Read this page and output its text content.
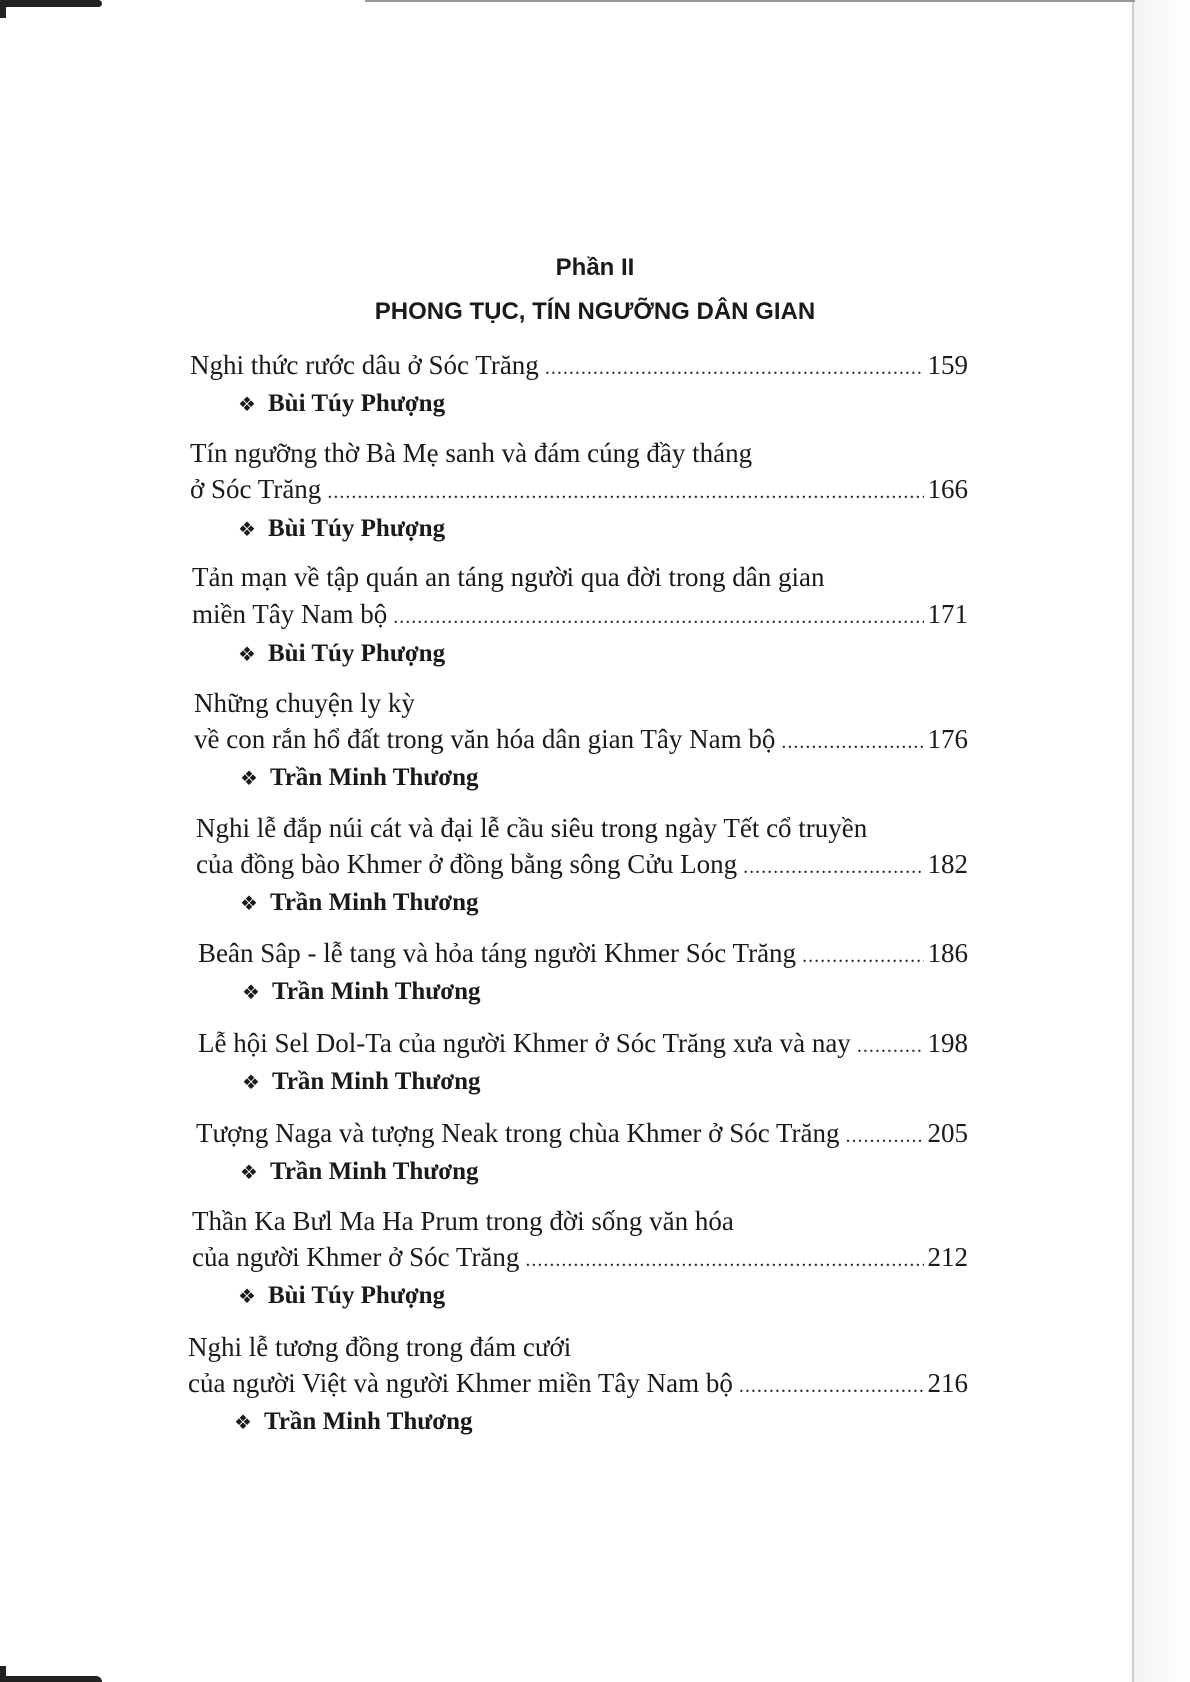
Phần II
PHONG TỤC, TÍN NGƯỠNG DÂN GIAN
Nghi thức rước dâu ở Sóc Trăng .....	159
❖ Bùi Túy Phượng
Tín ngưỡng thờ Bà Mẹ sanh và đám cúng đầy tháng
ở Sóc Trăng .....	166
❖ Bùi Túy Phượng
Tản mạn về tập quán an táng người qua đời trong dân gian
miền Tây Nam bộ .....	171
❖ Bùi Túy Phượng
Những chuyện ly kỳ
về con rắn hổ đất trong văn hóa dân gian Tây Nam bộ .....	176
❖ Trần Minh Thương
Nghi lễ đắp núi cát và đại lễ cầu siêu trong ngày Tết cổ truyền
của đồng bào Khmer ở đồng bằng sông Cửu Long .....	182
❖ Trần Minh Thương
Beân Sâp - lễ tang và hỏa táng người Khmer Sóc Trăng .....	186
❖ Trần Minh Thương
Lễ hội Sel Dol-Ta của người Khmer ở Sóc Trăng xưa và nay .....	198
❖ Trần Minh Thương
Tượng Naga và tượng Neak trong chùa Khmer ở Sóc Trăng .....	205
❖ Trần Minh Thương
Thần Ka Bưl Ma Ha Prum trong đời sống văn hóa
của người Khmer ở Sóc Trăng .....	212
❖ Bùi Túy Phượng
Nghi lễ tương đồng trong đám cưới
của người Việt và người Khmer miền Tây Nam bộ .....	216
❖ Trần Minh Thương
